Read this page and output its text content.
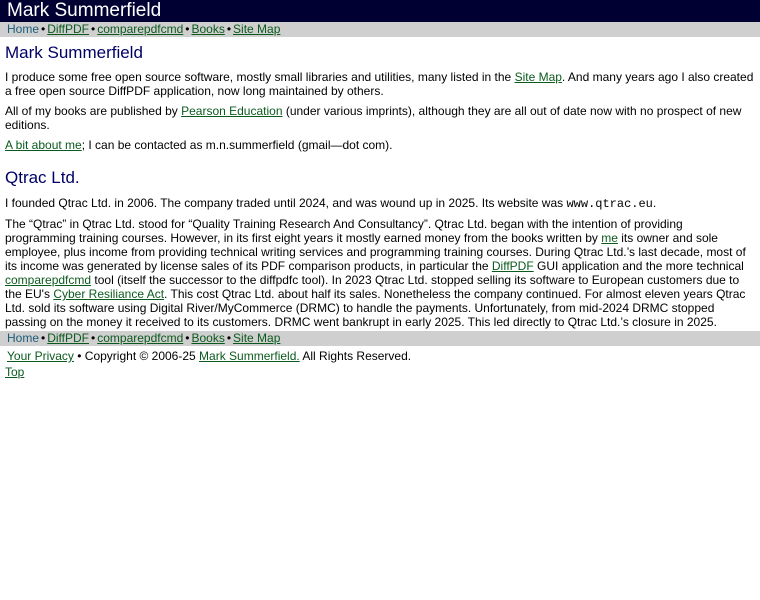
Mark Summerfield
Home • DiffPDF • comparepdfcmd • Books • Site Map
Mark Summerfield

I produce some free open source software, mostly small libraries and utilities, many listed in the Site Map. And many years ago I also created a free open source DiffPDF application, now long maintained by others.

All of my books are published by Pearson Education (under various imprints), although they are all out of date now with no prospect of new editions.

A bit about me; I can be contacted as m.n.summerfield (gmail—dot com).

Qtrac Ltd.

I founded Qtrac Ltd. in 2006. The company traded until 2024, and was wound up in 2025. Its website was www.qtrac.eu.

The “Qtrac” in Qtrac Ltd. stood for “Quality Training Research And Consultancy”. Qtrac Ltd. began with the intention of providing programming training courses. However, in its first eight years it mostly earned money from the books written by me its owner and sole employee, plus income from providing technical writing services and programming training courses. During Qtrac Ltd.’s last decade, most of its income was generated by license sales of its PDF comparison products, in particular the DiffPDF GUI application and the more technical comparepdfcmd tool (itself the successor to the diffpdfc tool). In 2023 Qtrac Ltd. stopped selling its software to European customers due to the EU's Cyber Resiliance Act. This cost Qtrac Ltd. about half its sales. Nonetheless the company continued. For almost eleven years Qtrac Ltd. sold its software using Digital River/MyCommerce (DRMC) to handle the payments. Unfortunately, from mid-2024 DRMC stopped passing on the money it received to its customers. DRMC went bankrupt in early 2025. This led directly to Qtrac Ltd.’s closure in 2025.

Home • DiffPDF • comparepdfcmd • Books • Site Map

Your Privacy • Copyright © 2006-25 Mark Summerfield. All Rights Reserved.

Top
